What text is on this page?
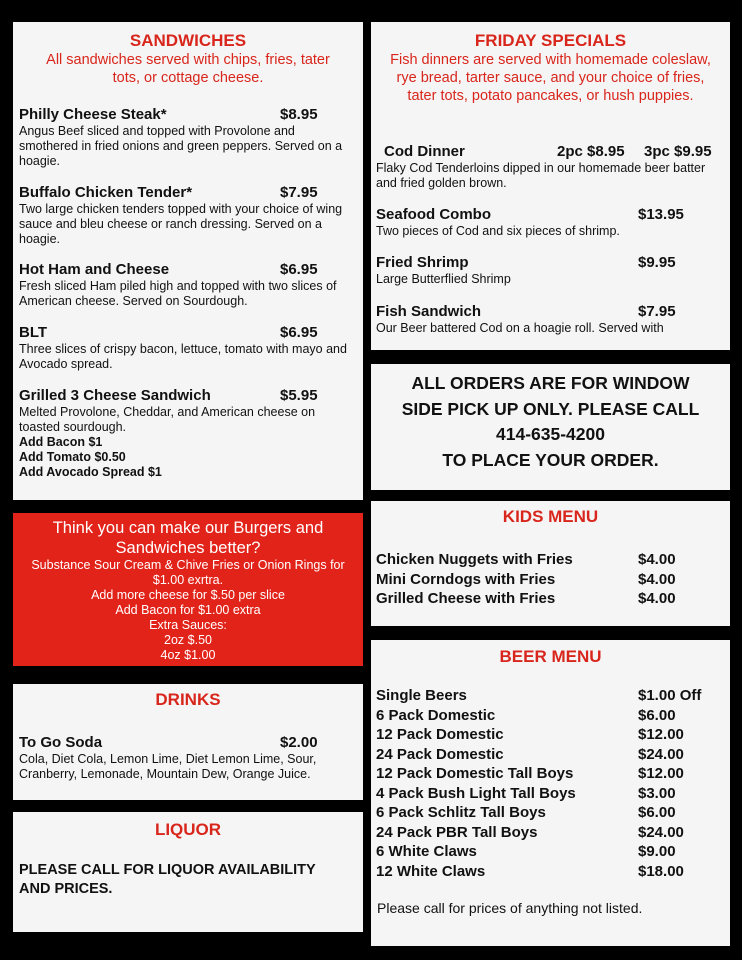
SANDWICHES
All sandwiches served with chips, fries, tater tots, or cottage cheese.
Philly Cheese Steak*	$8.95
Angus Beef sliced and topped with Provolone and smothered in fried onions and green peppers. Served on a hoagie.
Buffalo Chicken Tender*	$7.95
Two large chicken tenders topped with your choice of wing sauce and bleu cheese or ranch dressing. Served on a hoagie.
Hot Ham and Cheese	$6.95
Fresh sliced Ham piled high and topped with two slices of American cheese. Served on Sourdough.
BLT	$6.95
Three slices of crispy bacon, lettuce, tomato with mayo and Avocado spread.
Grilled 3 Cheese Sandwich	$5.95
Melted Provolone, Cheddar, and American cheese on toasted sourdough.
Add Bacon $1
Add Tomato $0.50
Add Avocado Spread $1
Think you can make our Burgers and Sandwiches better?
Substance Sour Cream & Chive Fries or Onion Rings for $1.00 exrtra.
Add more cheese for $.50 per slice
Add Bacon for $1.00 extra
Extra Sauces:
2oz $.50
4oz $1.00
DRINKS
To Go Soda	$2.00
Cola, Diet Cola, Lemon Lime, Diet Lemon Lime, Sour, Cranberry, Lemonade, Mountain Dew, Orange Juice.
LIQUOR
PLEASE CALL FOR LIQUOR AVAILABILITY AND PRICES.
FRIDAY SPECIALS
Fish dinners are served with homemade coleslaw, rye bread, tarter sauce, and your choice of fries, tater tots, potato pancakes, or hush puppies.
Cod Dinner	2pc $8.95 3pc $9.95
Flaky Cod Tenderloins dipped in our homemade beer batter and fried golden brown.
Seafood Combo	$13.95
Two pieces of Cod and six pieces of shrimp.
Fried Shrimp	$9.95
Large Butterflied Shrimp
Fish Sandwich	$7.95
Our Beer battered Cod on a hoagie roll. Served with
ALL ORDERS ARE FOR WINDOW
SIDE PICK UP ONLY. PLEASE CALL
414-635-4200
TO PLACE YOUR ORDER.
KIDS MENU
Chicken Nuggets with Fries	$4.00
Mini Corndogs with Fries	$4.00
Grilled Cheese with Fries	$4.00
BEER MENU
Single Beers	$1.00 Off
6 Pack Domestic	$6.00
12 Pack Domestic	$12.00
24 Pack Domestic	$24.00
12 Pack Domestic Tall Boys	$12.00
4 Pack Bush Light Tall Boys	$3.00
6 Pack Schlitz Tall Boys	$6.00
24 Pack PBR Tall Boys	$24.00
6 White Claws	$9.00
12 White Claws	$18.00
Please call for prices of anything not listed.
